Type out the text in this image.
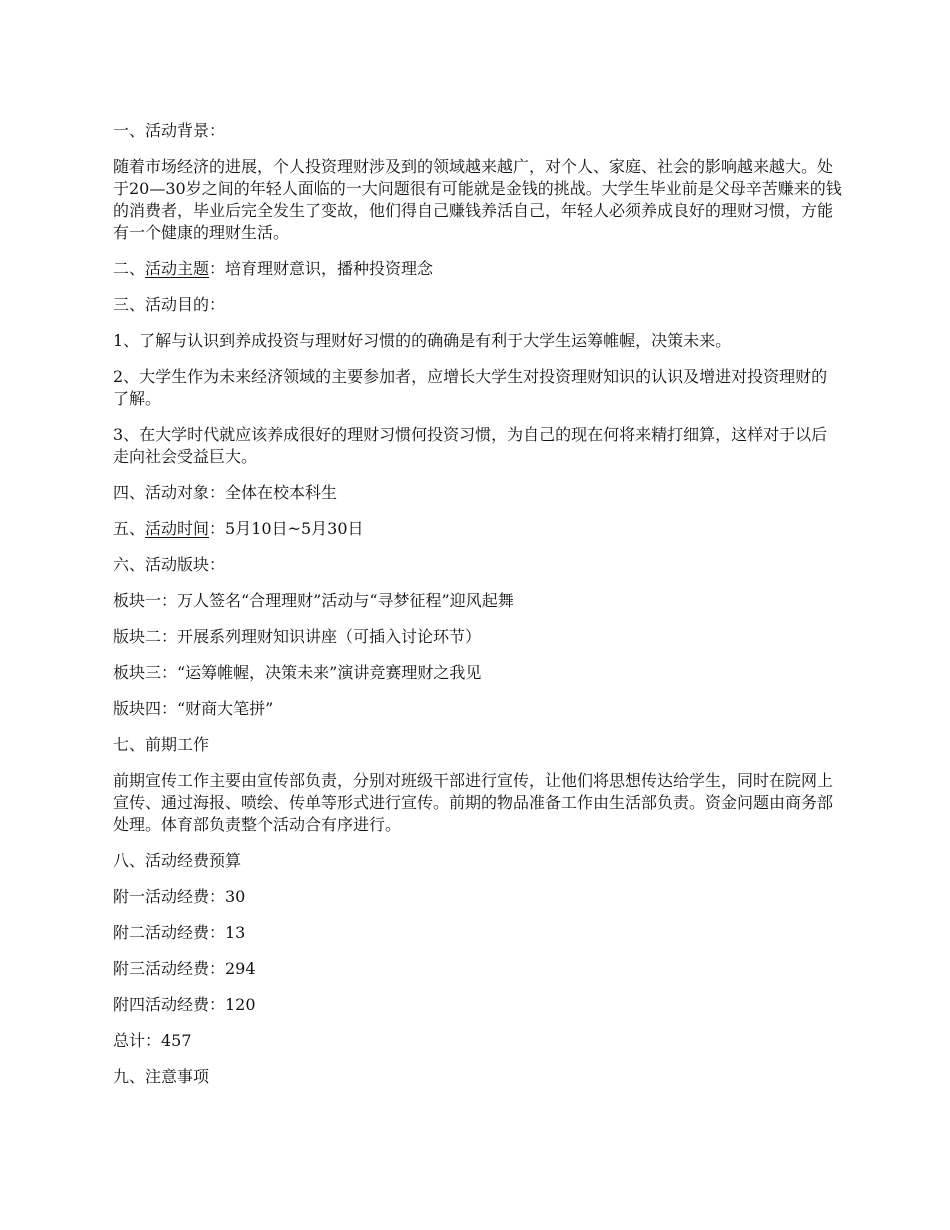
一、活动背景：

随着市场经济的进展，个人投资理财涉及到的领域越来越广，对个人、家庭、社会的影响越来越大。处于20—30岁之间的年轻人面临的一大问题很有可能就是金钱的挑战。大学生毕业前是父母辛苦赚来的钱的消费者，毕业后完全发生了变故，他们得自己赚钱养活自己，年轻人必须养成良好的理财习惯，方能有一个健康的理财生活。

二、活动主题：培育理财意识，播种投资理念

三、活动目的：

1、了解与认识到养成投资与理财好习惯的的确确是有利于大学生运筹帷幄，决策未来。

2、大学生作为未来经济领域的主要参加者，应增长大学生对投资理财知识的认识及增进对投资理财的了解。

3、在大学时代就应该养成很好的理财习惯何投资习惯，为自己的现在何将来精打细算，这样对于以后走向社会受益巨大。

四、活动对象：全体在校本科生

五、活动时间：5月10日~5月30日

六、活动版块：

板块一：万人签名“合理理财”活动与“寻梦征程”迎风起舞

版块二：开展系列理财知识讲座（可插入讨论环节）

板块三：“运筹帷幄，决策未来”演讲竞赛理财之我见

版块四：“财商大笔拼”

七、前期工作

前期宣传工作主要由宣传部负责，分别对班级干部进行宣传，让他们将思想传达给学生，同时在院网上宣传、通过海报、喷绘、传单等形式进行宣传。前期的物品准备工作由生活部负责。资金问题由商务部处理。体育部负责整个活动合有序进行。

八、活动经费预算

附一活动经费：30

附二活动经费：13

附三活动经费：294

附四活动经费：120

总计：457

九、注意事项
